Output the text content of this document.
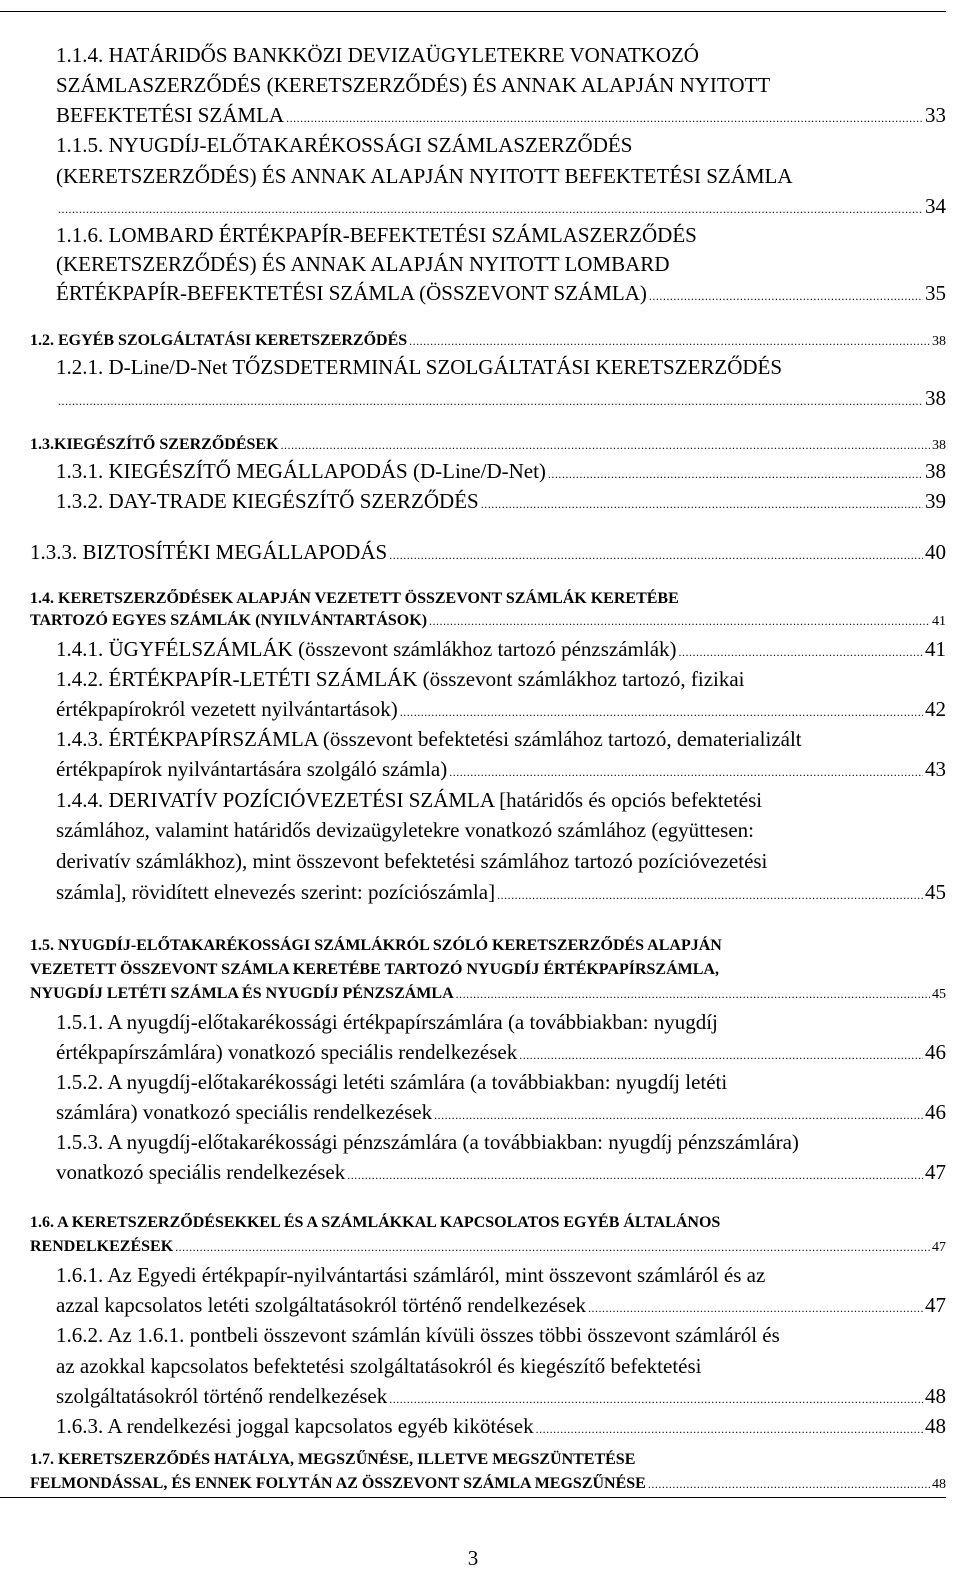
1.1.4. HATÁRIDŐS BANKKÖZI DEVIZAÜGYLETEKRE VONATKOZÓ
SZÁMLASZERZŐDÉS (KERETSZERZŐDÉS) ÉS ANNAK ALAPJÁN NYITOTT
BEFEKTETÉSI SZÁMLA .....	33
1.1.5. NYUGDÍJ-ELŐTAKARÉKOSSÁGI SZÁMLASZERZŐDÉS
(KERETSZERZŐDÉS) ÉS ANNAK ALAPJÁN NYITOTT BEFEKTETÉSI SZÁMLA
.....
34
1.1.6. LOMBARD ÉRTÉKPAPÍR-BEFEKTETÉSI SZÁMLASZERZŐDÉS
(KERETSZERZŐDÉS) ÉS ANNAK ALAPJÁN NYITOTT LOMBARD
ÉRTÉKPAPÍR-BEFEKTETÉSI SZÁMLA (ÖSSZEVONT SZÁMLA) .....	35
1.2. EGYÉB SZOLGÁLTATÁSI KERETSZERZŐDÉS .....	38
1.2.1. D-Line/D-Net TŐZSDETERMINÁL SZOLGÁLTATÁSI KERETSZERZŐDÉS
.....
38
1.3.KIEGÉSZÍTŐ SZERZŐDÉSEK .....	38
1.3.1. KIEGÉSZÍTŐ MEGÁLLAPODÁS (D-Line/D-Net) .....	38
1.3.2. DAY-TRADE KIEGÉSZÍTŐ SZERZŐDÉS .....	39
1.3.3. BIZTOSÍTÉKI MEGÁLLAPODÁS .....	40
1.4. KERETSZERZŐDÉSEK ALAPJÁN VEZETETT ÖSSZEVONT SZÁMLÁK KERETÉBE
TARTOZÓ EGYES SZÁMLÁK (NYILVÁNTARTÁSOK) .....	41
1.4.1. ÜGYFÉLSZÁMLÁK (összevont számlákhoz tartozó pénzszámlák) .....	41
1.4.2. ÉRTÉKPAPÍR-LETÉTI SZÁMLÁK (összevont számlákhoz tartozó, fizikai
értékpapírokról vezetett nyilvántartások) .....	42
1.4.3. ÉRTÉKPAPÍRSZÁMLA (összevont befektetési számlához tartozó, dematerializált
értékpapírok nyilvántartására szolgáló számla) .....	43
1.4.4. DERIVATÍV POZÍCIÓVEZETÉSI SZÁMLA [határidős és opciós befektetési
számlához, valamint határidős devizaügyletekre vonatkozó számlához (együttesen:
derivatív számlákhoz), mint összevont befektetési számlához tartozó pozícióvezetési
számla], rövidített elnevezés szerint: pozíciószámla] .....	45
1.5. NYUGDÍJ-ELŐTAKARÉKOSSÁGI SZÁMLÁKRÓL SZÓLÓ KERETSZERZŐDÉS ALAPJÁN
VEZETETT ÖSSZEVONT SZÁMLA KERETÉBE TARTOZÓ NYUGDÍJ ÉRTÉKPAPÍRSZÁMLA,
NYUGDÍJ LETÉTI SZÁMLA ÉS NYUGDÍJ PÉNZSZÁMLA .....	45
1.5.1. A nyugdíj-előtakarékossági értékpapírszámlára (a továbbiakban: nyugdíj
értékpapírszámlára) vonatkozó speciális rendelkezések .....	46
1.5.2. A nyugdíj-előtakarékossági letéti számlára (a továbbiakban: nyugdíj letéti
számlára) vonatkozó speciális rendelkezések .....	46
1.5.3. A nyugdíj-előtakarékossági pénzszámlára (a továbbiakban: nyugdíj pénzszámlára)
vonatkozó speciális rendelkezések .....	47
1.6. A KERETSZERZŐDÉSEKKEL ÉS A SZÁMLÁKKAL KAPCSOLATOS EGYÉB ÁLTALÁNOS
RENDELKEZÉSEK .....	47
1.6.1. Az Egyedi értékpapír-nyilvántartási számláról, mint összevont számláról és az
azzal kapcsolatos letéti szolgáltatásokról történő rendelkezések .....	47
1.6.2. Az 1.6.1. pontbeli összevont számlán kívüli összes többi összevont számláról és
az azokkal kapcsolatos befektetési szolgáltatásokról és kiegészítő befektetési
szolgáltatásokról történő rendelkezések .....	48
1.6.3. A rendelkezési joggal kapcsolatos egyéb kikötések .....	48
1.7. KERETSZERZŐDÉS HATÁLYA, MEGSZŰNÉSE, ILLETVE MEGSZÜNTETÉSE
FELMONDÁSSAL, ÉS ENNEK FOLYTÁN AZ ÖSSZEVONT SZÁMLA MEGSZŰNÉSE .....	48
3
